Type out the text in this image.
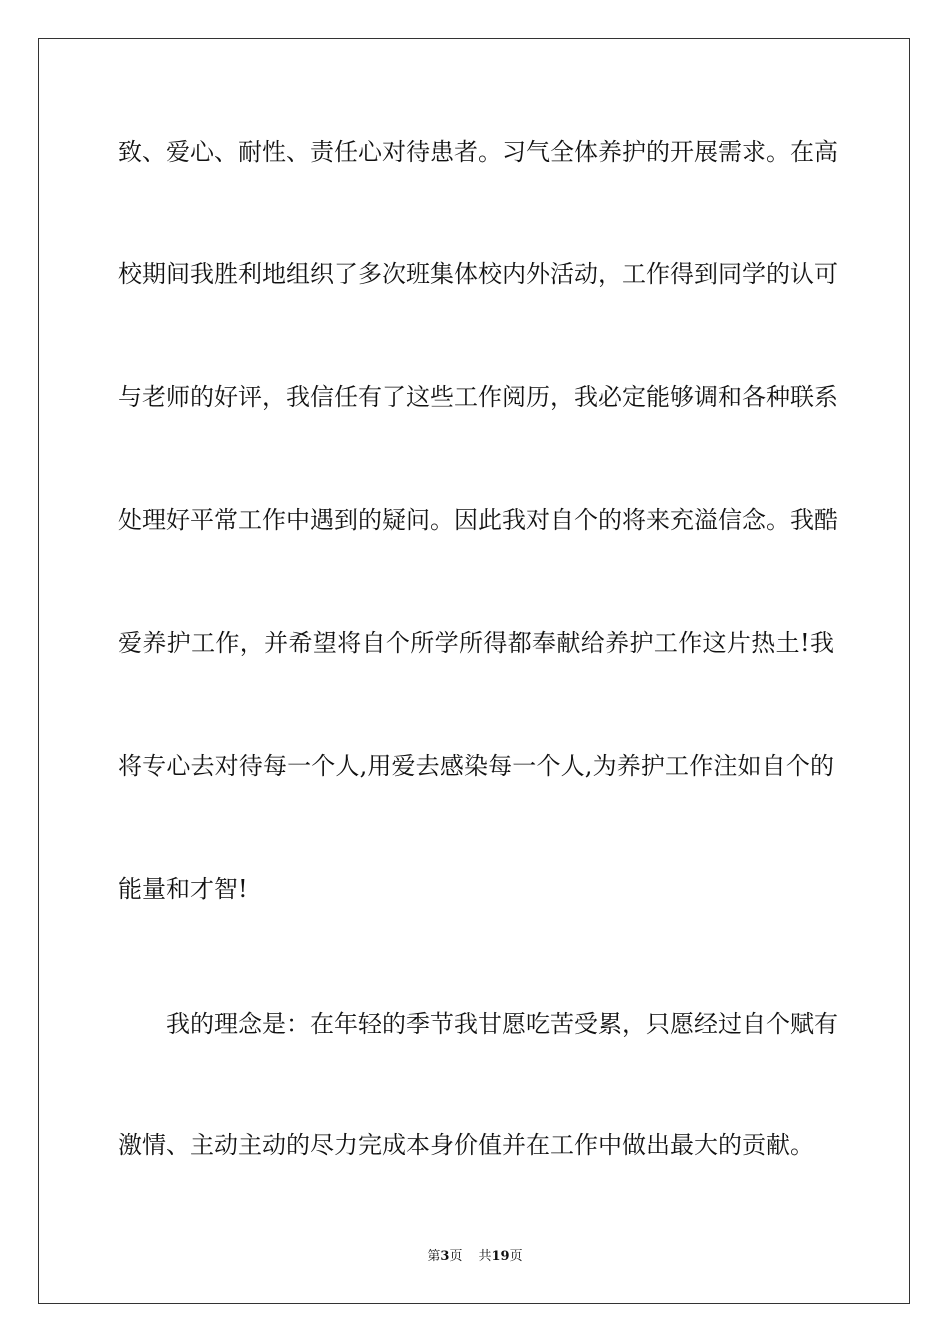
致、爱心、耐性、责任心对待患者。习气全体养护的开展需求。在高
校期间我胜利地组织了多次班集体校内外活动，工作得到同学的认可
与老师的好评，我信任有了这些工作阅历，我必定能够调和各种联系
处理好平常工作中遇到的疑问。因此我对自个的将来充溢信念。我酷
爱养护工作，并希望将自个所学所得都奉献给养护工作这片热土!我
将专心去对待每一个人,用爱去感染每一个人,为养护工作注如自个的
能量和才智!
我的理念是：在年轻的季节我甘愿吃苦受累，只愿经过自个赋有
激情、主动主动的尽力完成本身价值并在工作中做出最大的贡献。
第3页 共19页
